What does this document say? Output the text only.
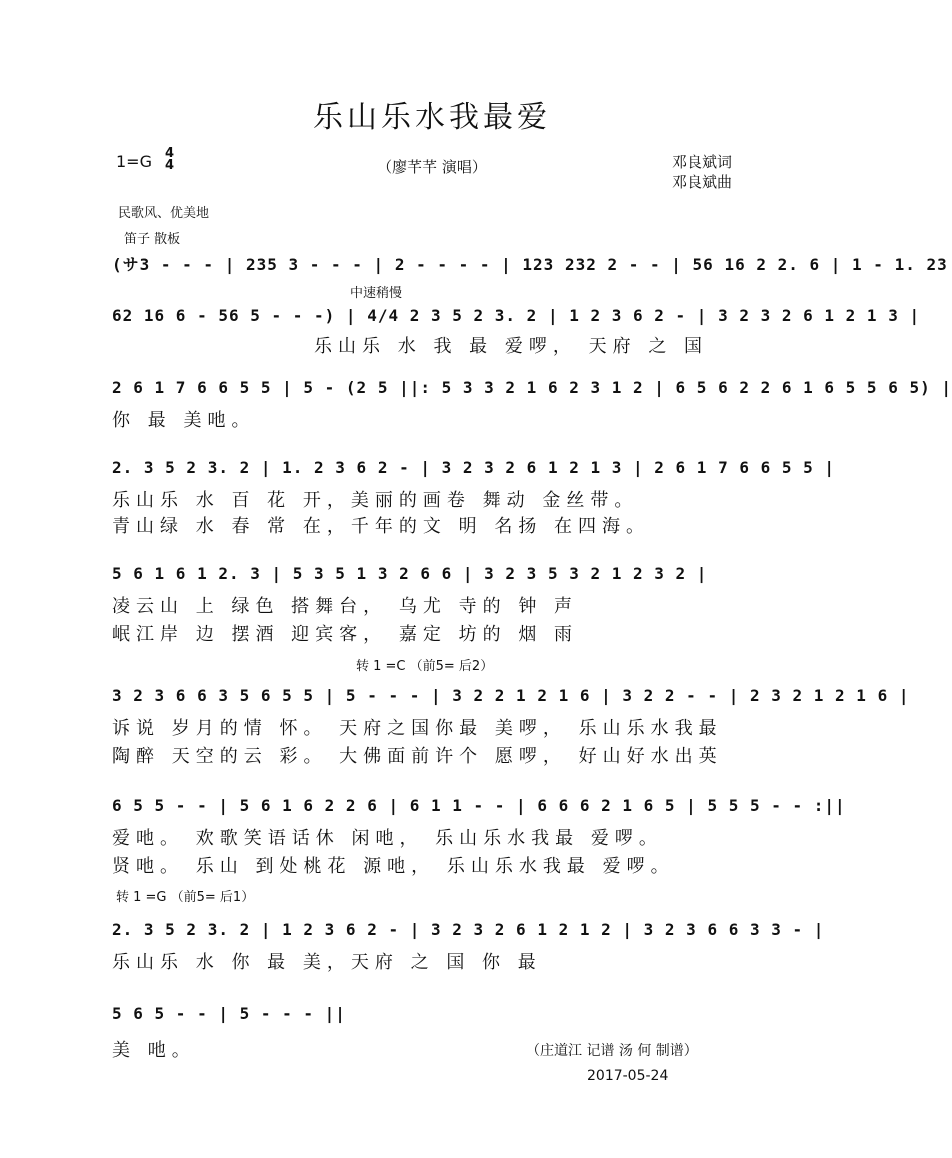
乐山乐水我最爱
1=G 4
4	（廖芊芊 演唱）	邓良斌词
邓良斌曲
民歌风、优美地
笛子 散板
(サ3 - - - | 235 3 - - - | 2 - - - - | 123 232 2 - - | 56 16 2 2. 6 | 1 - 1. 23
中速稍慢
62 16 6 - 56 5 - - -) | 4/4 2 3 5 2 3. 2 | 1 2 3 6 2 - | 3 2 3 2 6 1 2 1 3 |
乐山乐 水 我 最 爱啰， 天府 之 国
2 6 1 7 6 6 5 5 | 5 - (2 5 ||: 5 3 3 2 1 6 2 3 1 2 | 6 5 6 2 2 6 1 6 5 5 6 5) |
你 最 美吔。
2. 3 5 2 3. 2 | 1. 2 3 6 2 - | 3 2 3 2 6 1 2 1 3 | 2 6 1 7 6 6 5 5 |
乐山乐 水 百 花 开，美丽的画卷 舞动 金丝带。
青山绿 水 春 常 在，千年的文 明 名扬 在四海。
5 6 1 6 1 2. 3 | 5 3 5 1 3 2 6 6 | 3 2 3 5 3 2 1 2 3 2 |
凌云山 上 绿色 搭舞台， 乌尤 寺的 钟 声
岷江岸 边 摆酒 迎宾客， 嘉定 坊的 烟 雨
转 1 =C （前5= 后2）
3 2 3 6 6 3 5 6 5 5 | 5 - - - | 3 2 2 1 2 1 6 | 3 2 2 - - | 2 3 2 1 2 1 6 |
诉说 岁月的情 怀。 天府之国你最 美啰， 乐山乐水我最
陶醉 天空的云 彩。 大佛面前许个 愿啰， 好山好水出英
6 5 5 - - | 5 6 1 6 2 2 6 | 6 1 1 - - | 6 6 6 2 1 6 5 | 5 5 5 - - :||
爱吔。 欢歌笑语话休 闲吔， 乐山乐水我最 爱啰。
贤吔。 乐山 到处桃花 源吔， 乐山乐水我最 爱啰。
转 1 =G （前5= 后1）
2. 3 5 2 3. 2 | 1 2 3 6 2 - | 3 2 3 2 6 1 2 1 2 | 3 2 3 6 6 3 3 - |
乐山乐 水 你 最 美，天府 之 国 你 最
5 6 5 - - | 5 - - - ||
美 吔。	（庄道江 记谱 汤 何 制谱）
2017-05-24
